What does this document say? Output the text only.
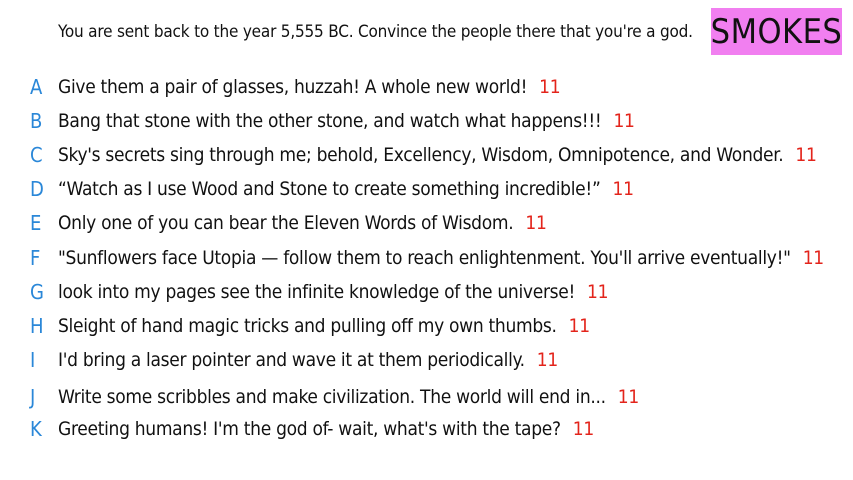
You are sent back to the year 5,555 BC. Convince the people there that you're a god. SMOKES
A Give them a pair of glasses, huzzah! A whole new world! 11
B Bang that stone with the other stone, and watch what happens!!! 11
C Sky's secrets sing through me; behold, Excellency, Wisdom, Omnipotence, and Wonder. 11
D “Watch as I use Wood and Stone to create something incredible!” 11
E Only one of you can bear the Eleven Words of Wisdom. 11
F "Sunflowers face Utopia — follow them to reach enlightenment. You'll arrive eventually!" 11
G look into my pages see the infinite knowledge of the universe! 11
H Sleight of hand magic tricks and pulling off my own thumbs. 11
I	I'd bring a laser pointer and wave it at them periodically. 11
J	Write some scribbles and make civilization. The world will end in... 11
K Greeting humans! I'm the god of- wait, what's with the tape? 11
